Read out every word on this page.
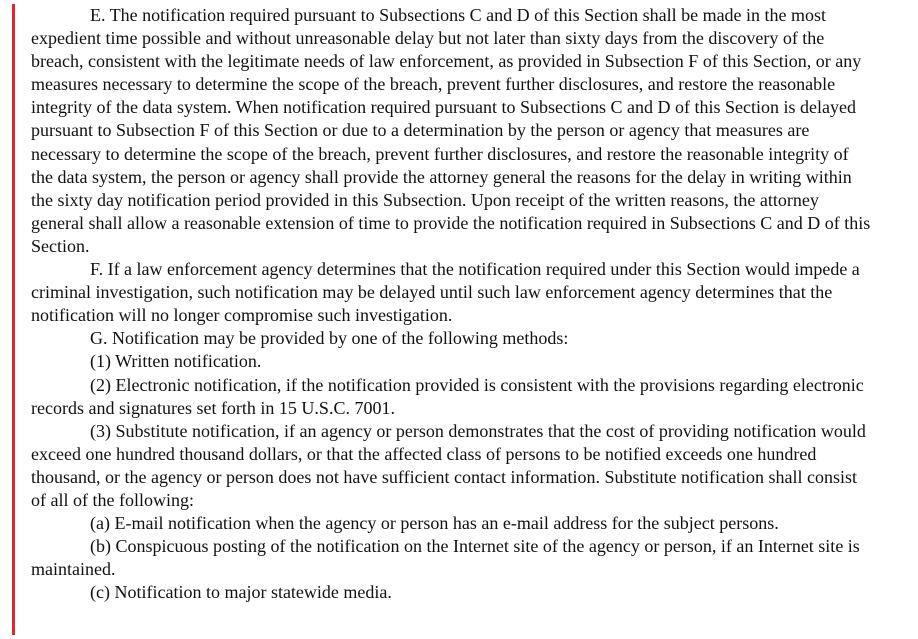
E. The notification required pursuant to Subsections C and D of this Section shall be made in the most expedient time possible and without unreasonable delay but not later than sixty days from the discovery of the breach, consistent with the legitimate needs of law enforcement, as provided in Subsection F of this Section, or any measures necessary to determine the scope of the breach, prevent further disclosures, and restore the reasonable integrity of the data system. When notification required pursuant to Subsections C and D of this Section is delayed pursuant to Subsection F of this Section or due to a determination by the person or agency that measures are necessary to determine the scope of the breach, prevent further disclosures, and restore the reasonable integrity of the data system, the person or agency shall provide the attorney general the reasons for the delay in writing within the sixty day notification period provided in this Subsection. Upon receipt of the written reasons, the attorney general shall allow a reasonable extension of time to provide the notification required in Subsections C and D of this Section.

F. If a law enforcement agency determines that the notification required under this Section would impede a criminal investigation, such notification may be delayed until such law enforcement agency determines that the notification will no longer compromise such investigation.

G. Notification may be provided by one of the following methods:

(1) Written notification.

(2) Electronic notification, if the notification provided is consistent with the provisions regarding electronic records and signatures set forth in 15 U.S.C. 7001.

(3) Substitute notification, if an agency or person demonstrates that the cost of providing notification would exceed one hundred thousand dollars, or that the affected class of persons to be notified exceeds one hundred thousand, or the agency or person does not have sufficient contact information. Substitute notification shall consist of all of the following:

(a) E-mail notification when the agency or person has an e-mail address for the subject persons.

(b) Conspicuous posting of the notification on the Internet site of the agency or person, if an Internet site is maintained.

(c) Notification to major statewide media.
